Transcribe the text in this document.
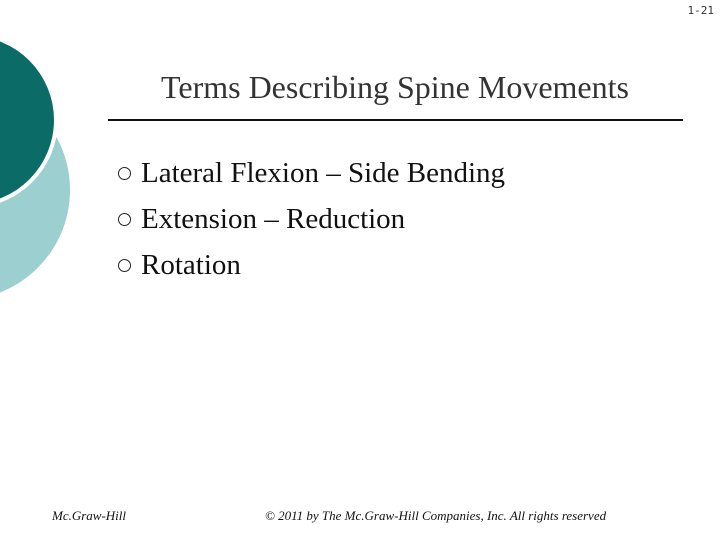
1-21
Terms Describing Spine Movements
Lateral Flexion – Side Bending
Extension – Reduction
Rotation
Mc.Graw-Hill	© 2011 by The Mc.Graw-Hill Companies, Inc. All rights reserved
